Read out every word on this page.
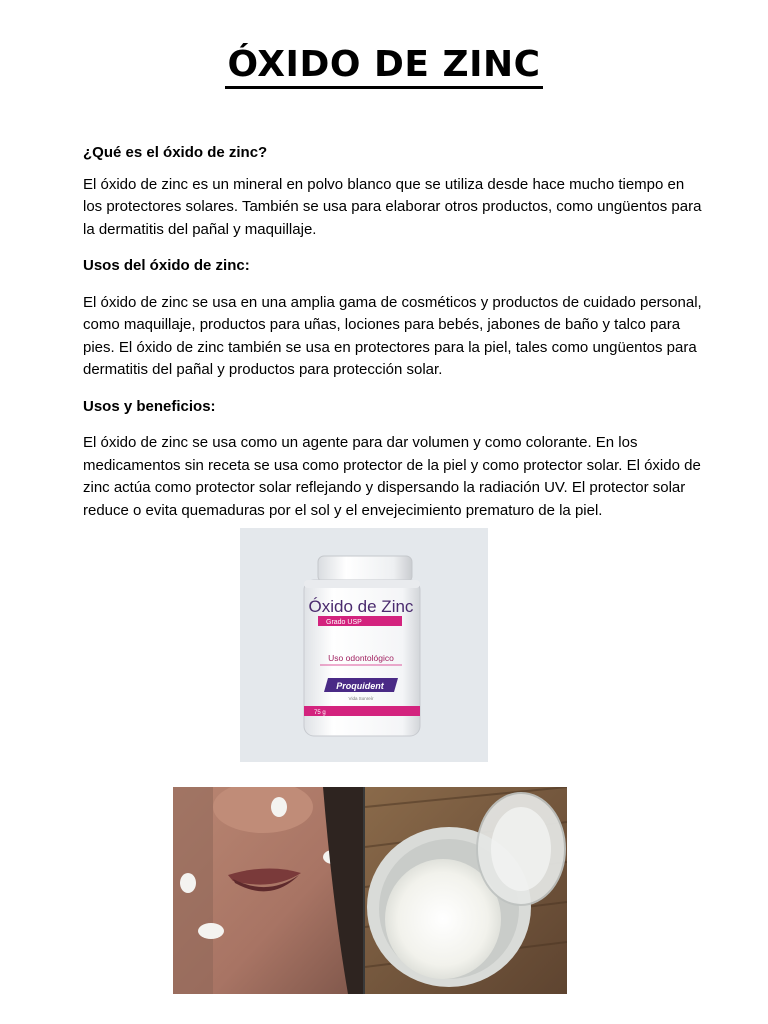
ÓXIDO DE ZINC
¿Qué es el óxido de zinc?
El óxido de zinc es un mineral en polvo blanco que se utiliza desde hace mucho tiempo en los protectores solares. También se usa para elaborar otros productos, como ungüentos para la dermatitis del pañal y maquillaje.
Usos del óxido de zinc:
El óxido de zinc se usa en una amplia gama de cosméticos y productos de cuidado personal, como maquillaje, productos para uñas, lociones para bebés, jabones de baño y talco para pies. El óxido de zinc también se usa en protectores para la piel, tales como ungüentos para dermatitis del pañal y productos para protección solar.
Usos y beneficios:
El óxido de zinc se usa como un agente para dar volumen y como colorante. En los medicamentos sin receta se usa como protector de la piel y como protector solar. El óxido de zinc actúa como protector solar reflejando y dispersando la radiación UV. El protector solar reduce o evita quemaduras por el sol y el envejecimiento prematuro de la piel.
Óxido de Zinc
Grado USP
Uso odontológico
Proquident
Vida Sonreír
75 g
